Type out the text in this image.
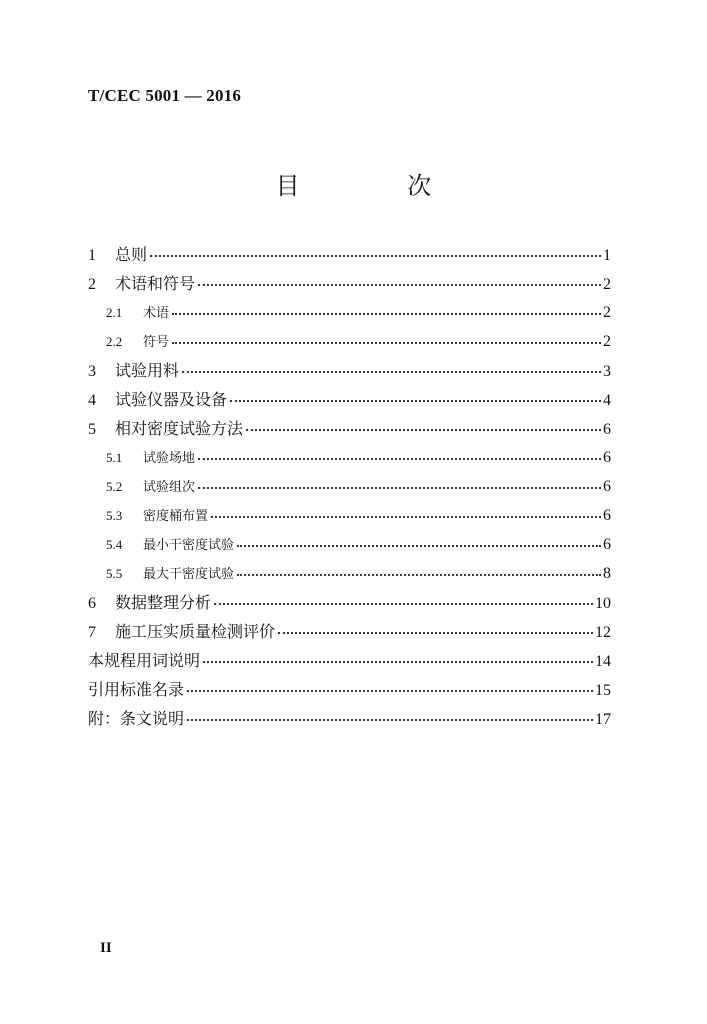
T/CEC 5001 — 2016
目 次
1	总则	1
2	术语和符号	2
2.1	术语	2
2.2	符号	2
3	试验用料	3
4	试验仪器及设备	4
5	相对密度试验方法	6
5.1	试验场地	6
5.2	试验组次	6
5.3	密度桶布置	6
5.4	最小干密度试验	6
5.5	最大干密度试验	8
6	数据整理分析	10
7	施工压实质量检测评价	12
本规程用词说明	14
引用标准名录	15
附：条文说明	17
II
